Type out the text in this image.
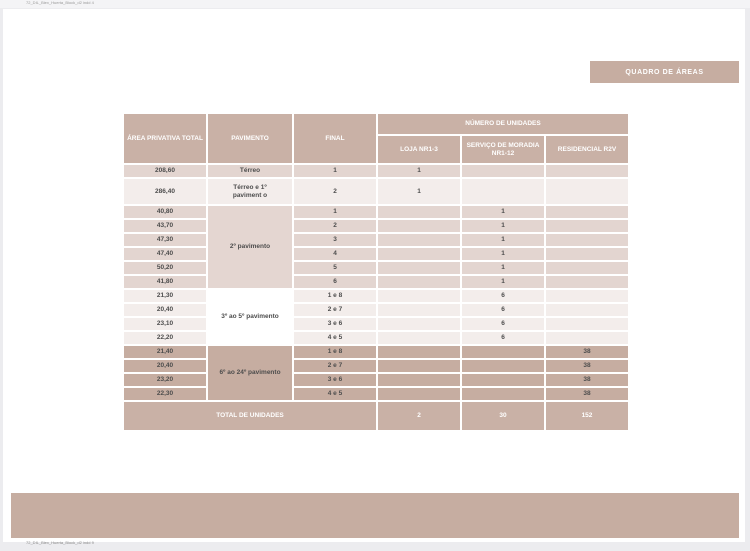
72_DIL_Biex_Huerta_Biock_d2 indd 4
QUADRO DE ÁREAS
ÁREA PRIVATIVA TOTAL	PAVIMENTO	FINAL	NÚMERO DE UNIDADES		
			LOJA NR1-3	SERVIÇO DE MORADIA NR1-12	RESIDENCIAL R2V
208,60	Térreo	1	1		
286,40	Térreo e 1º paviment o	2	1		
40,80	2º pavimento	1		1	
43,70		2		1	
47,30		3		1	
47,40		4		1	
50,20		5		1	
41,80		6		1	
21,30	3º ao 5º pavimento	1 e 8		6	
20,40		2 e 7		6	
23,10		3 e 6		6	
22,20		4 e 5		6	
21,40	6º ao 24º pavimento	1 e 8			38
20,40		2 e 7			38
23,20		3 e 6			38
22,30		4 e 5			38
TOTAL DE UNIDADES			2	30	152
72_DIL_Biex_Huerta_Biock_d2 indd 9
